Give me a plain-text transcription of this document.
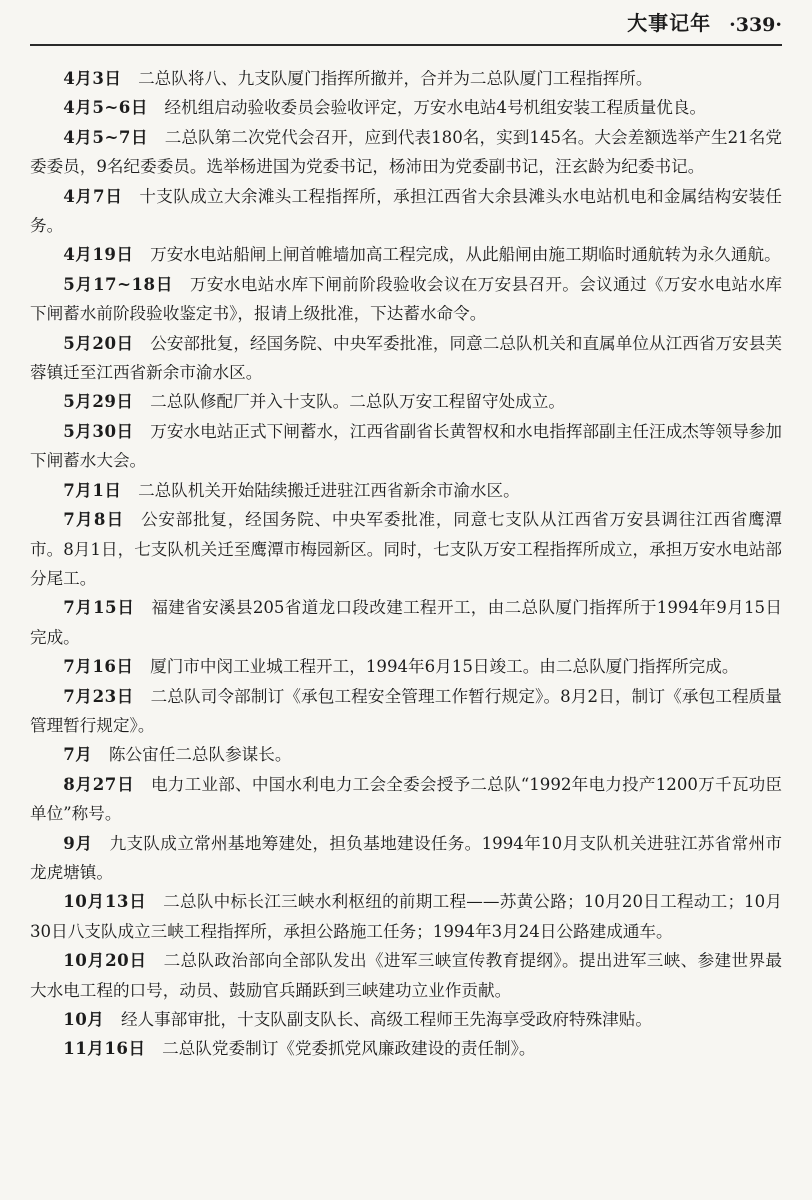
大事记年 ·339·

4月3日 二总队将八、九支队厦门指挥所撤并，合并为二总队厦门工程指挥所。

4月5~6日 经机组启动验收委员会验收评定，万安水电站4号机组安装工程质量优良。

4月5~7日 二总队第二次党代会召开，应到代表180名，实到145名。大会差额选举产生21名党委委员，9名纪委委员。选举杨进国为党委书记，杨沛田为党委副书记，汪玄龄为纪委书记。

4月7日 十支队成立大余滩头工程指挥所，承担江西省大余县滩头水电站机电和金属结构安装任务。

4月19日 万安水电站船闸上闸首帷墙加高工程完成，从此船闸由施工期临时通航转为永久通航。

5月17~18日 万安水电站水库下闸前阶段验收会议在万安县召开。会议通过《万安水电站水库下闸蓄水前阶段验收鉴定书》，报请上级批准，下达蓄水命令。

5月20日 公安部批复，经国务院、中央军委批准，同意二总队机关和直属单位从江西省万安县芙蓉镇迁至江西省新余市渝水区。

5月29日 二总队修配厂并入十支队。二总队万安工程留守处成立。

5月30日 万安水电站正式下闸蓄水，江西省副省长黄智权和水电指挥部副主任汪成杰等领导参加下闸蓄水大会。

7月1日 二总队机关开始陆续搬迁进驻江西省新余市渝水区。

7月8日 公安部批复，经国务院、中央军委批准，同意七支队从江西省万安县调往江西省鹰潭市。8月1日，七支队机关迁至鹰潭市梅园新区。同时，七支队万安工程指挥所成立，承担万安水电站部分尾工。

7月15日 福建省安溪县205省道龙口段改建工程开工，由二总队厦门指挥所于1994年9月15日完成。

7月16日 厦门市中闵工业城工程开工，1994年6月15日竣工。由二总队厦门指挥所完成。

7月23日 二总队司令部制订《承包工程安全管理工作暂行规定》。8月2日，制订《承包工程质量管理暂行规定》。

7月 陈公宙任二总队参谋长。

8月27日 电力工业部、中国水利电力工会全委会授予二总队“1992年电力投产1200万千瓦功臣单位”称号。

9月 九支队成立常州基地筹建处，担负基地建设任务。1994年10月支队机关进驻江苏省常州市龙虎塘镇。

10月13日 二总队中标长江三峡水利枢纽的前期工程——苏黄公路；10月20日工程动工；10月30日八支队成立三峡工程指挥所，承担公路施工任务；1994年3月24日公路建成通车。

10月20日 二总队政治部向全部队发出《进军三峡宣传教育提纲》。提出进军三峡、参建世界最大水电工程的口号，动员、鼓励官兵踊跃到三峡建功立业作贡献。

10月 经人事部审批，十支队副支队长、高级工程师王先海享受政府特殊津贴。

11月16日 二总队党委制订《党委抓党风廉政建设的责任制》。
